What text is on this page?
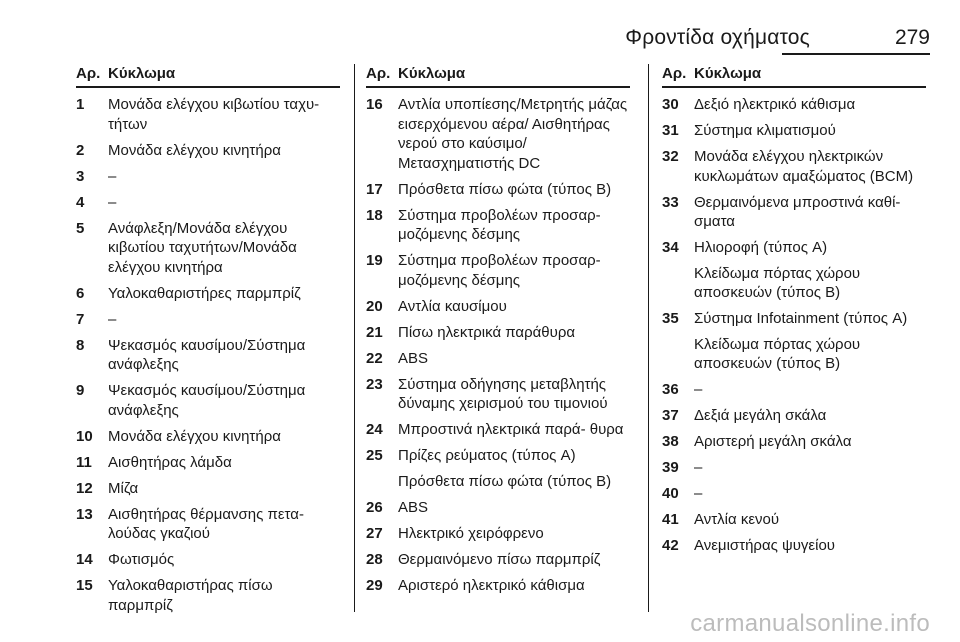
Φροντίδα οχήματος	279
Αρ. Κύκλωμα
1	Μονάδα ελέγχου κιβωτίου ταχυ- τήτων

2	Μονάδα ελέγχου κινητήρα

3	–

4	–

5	Ανάφλεξη/Μονάδα ελέγχου κιβωτίου ταχυτήτων/Μονάδα ελέγχου κινητήρα

6	Υαλοκαθαριστήρες παρμπρίζ

7	–

8	Ψεκασμός καυσίμου/Σύστημα ανάφλεξης

9	Ψεκασμός καυσίμου/Σύστημα ανάφλεξης

10	Μονάδα ελέγχου κινητήρα

11	Αισθητήρας λάμδα

12	Μίζα

13	Αισθητήρας θέρμανσης πετα- λούδας γκαζιού

14	Φωτισμός

15	Υαλοκαθαριστήρας πίσω παρμπρίζ

Αρ. Κύκλωμα
16	Αντλία υποπίεσης/Μετρητής μάζας εισερχόμενου αέρα/ Αισθητήρας νερού στο καύσιμο/ Μετασχηματιστής DC

17	Πρόσθετα πίσω φώτα (τύπος B)

18	Σύστημα προβολέων προσαρ- μοζόμενης δέσμης

19	Σύστημα προβολέων προσαρ- μοζόμενης δέσμης

20	Αντλία καυσίμου

21	Πίσω ηλεκτρικά παράθυρα

22	ABS

23	Σύστημα οδήγησης μεταβλητής δύναμης χειρισμού του τιμονιού

24	Μπροστινά ηλεκτρικά παρά- θυρα

25	Πρίζες ρεύματος (τύπος A)

Πρόσθετα πίσω φώτα (τύπος B)

26	ABS

27	Ηλεκτρικό χειρόφρενο

28	Θερμαινόμενο πίσω παρμπρίζ

29	Αριστερό ηλεκτρικό κάθισμα

Αρ. Κύκλωμα
30	Δεξιό ηλεκτρικό κάθισμα

31	Σύστημα κλιματισμού

32	Μονάδα ελέγχου ηλεκτρικών κυκλωμάτων αμαξώματος (BCM)

33	Θερμαινόμενα μπροστινά καθί- σματα

34	Ηλιοροφή (τύπος A)

Κλείδωμα πόρτας χώρου αποσκευών (τύπος B)

35	Σύστημα Infotainment (τύπος A)

Κλείδωμα πόρτας χώρου αποσκευών (τύπος B)

36	–

37	Δεξιά μεγάλη σκάλα

38	Αριστερή μεγάλη σκάλα

39	–

40	–

41	Αντλία κενού

42	Ανεμιστήρας ψυγείου

carmanualsonline.info
